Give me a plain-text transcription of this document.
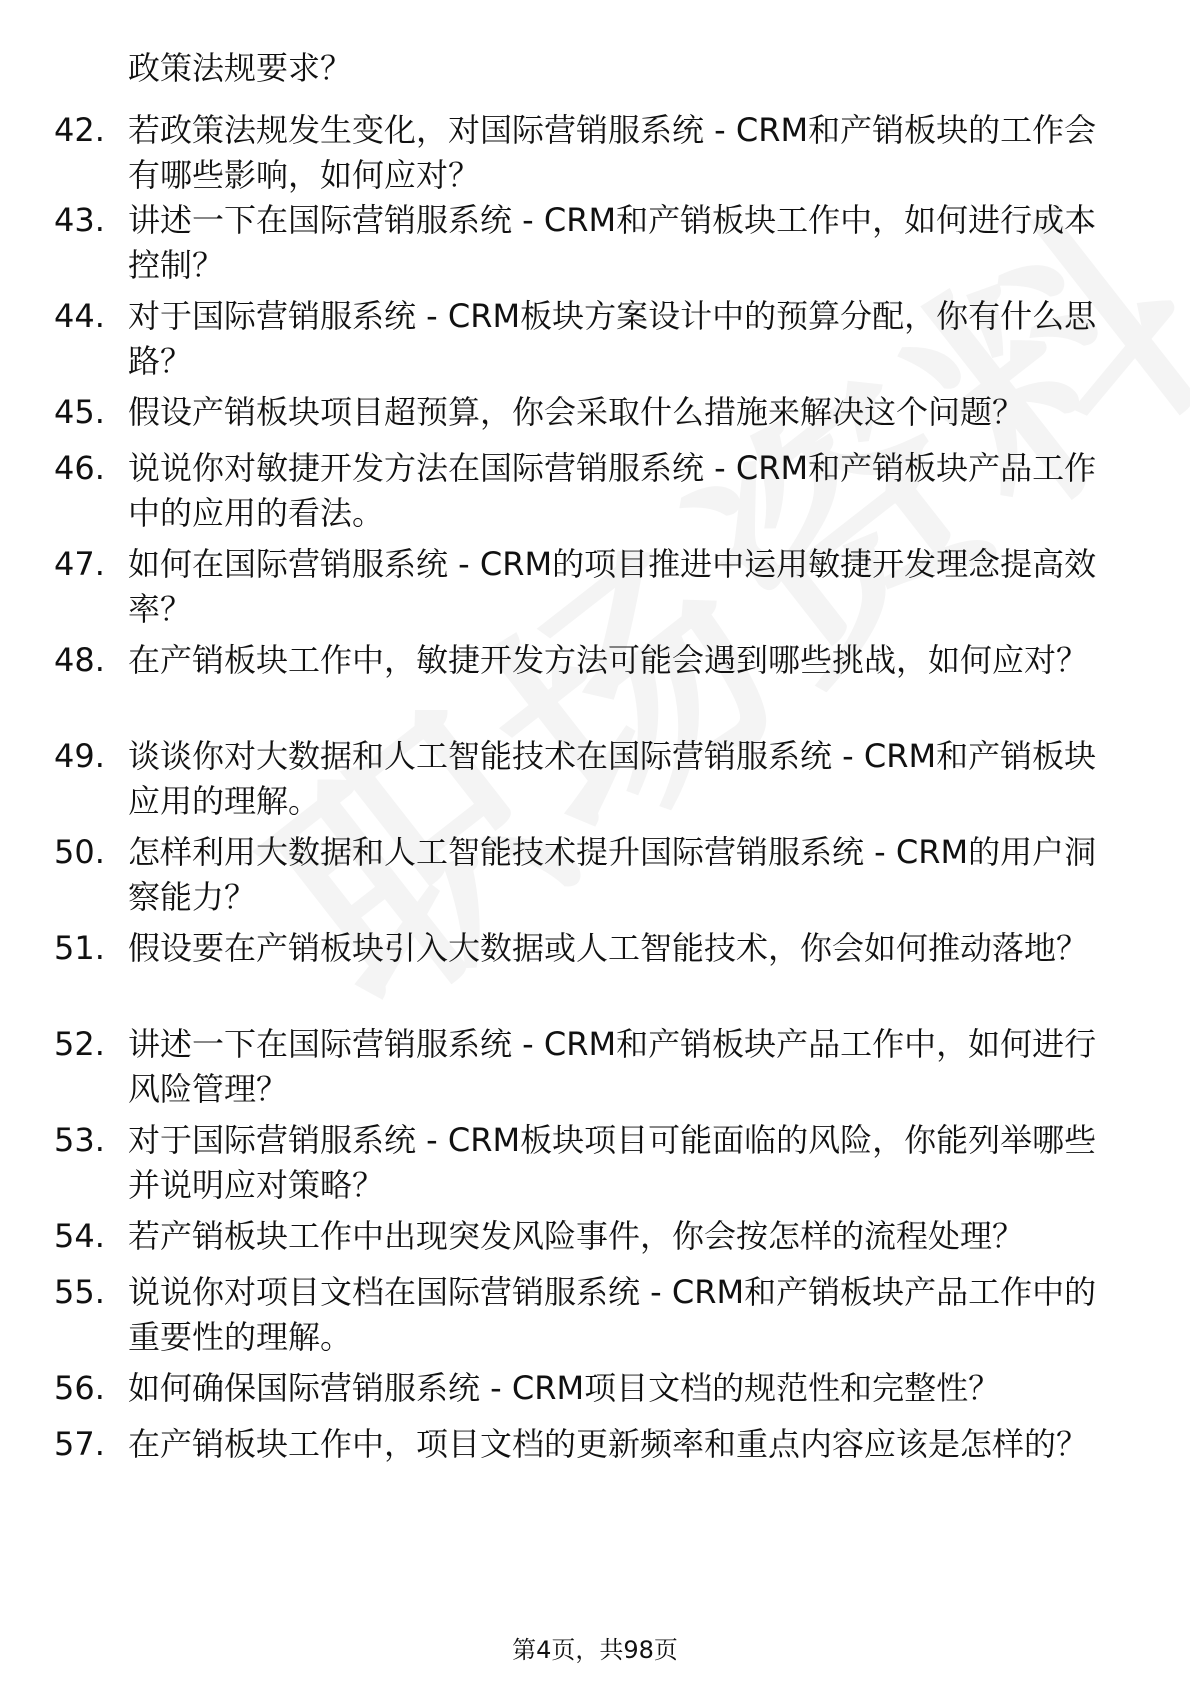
政策法规要求？
42. 若政策法规发生变化，对国际营销服系统 - CRM和产销板块的工作会有哪些影响，如何应对？
43. 讲述一下在国际营销服系统 - CRM和产销板块工作中，如何进行成本控制？
44. 对于国际营销服系统 - CRM板块方案设计中的预算分配，你有什么思路？
45. 假设产销板块项目超预算，你会采取什么措施来解决这个问题？
46. 说说你对敏捷开发方法在国际营销服系统 - CRM和产销板块产品工作中的应用的看法。
47. 如何在国际营销服系统 - CRM的项目推进中运用敏捷开发理念提高效率？
48. 在产销板块工作中，敏捷开发方法可能会遇到哪些挑战，如何应对？
49. 谈谈你对大数据和人工智能技术在国际营销服系统 - CRM和产销板块应用的理解。
50. 怎样利用大数据和人工智能技术提升国际营销服系统 - CRM的用户洞察能力？
51. 假设要在产销板块引入大数据或人工智能技术，你会如何推动落地？
52. 讲述一下在国际营销服系统 - CRM和产销板块产品工作中，如何进行风险管理？
53. 对于国际营销服系统 - CRM板块项目可能面临的风险，你能列举哪些并说明应对策略？
54. 若产销板块工作中出现突发风险事件，你会按怎样的流程处理？
55. 说说你对项目文档在国际营销服系统 - CRM和产销板块产品工作中的重要性的理解。
56. 如何确保国际营销服系统 - CRM项目文档的规范性和完整性？
57. 在产销板块工作中，项目文档的更新频率和重点内容应该是怎样的？
第4页，共98页
